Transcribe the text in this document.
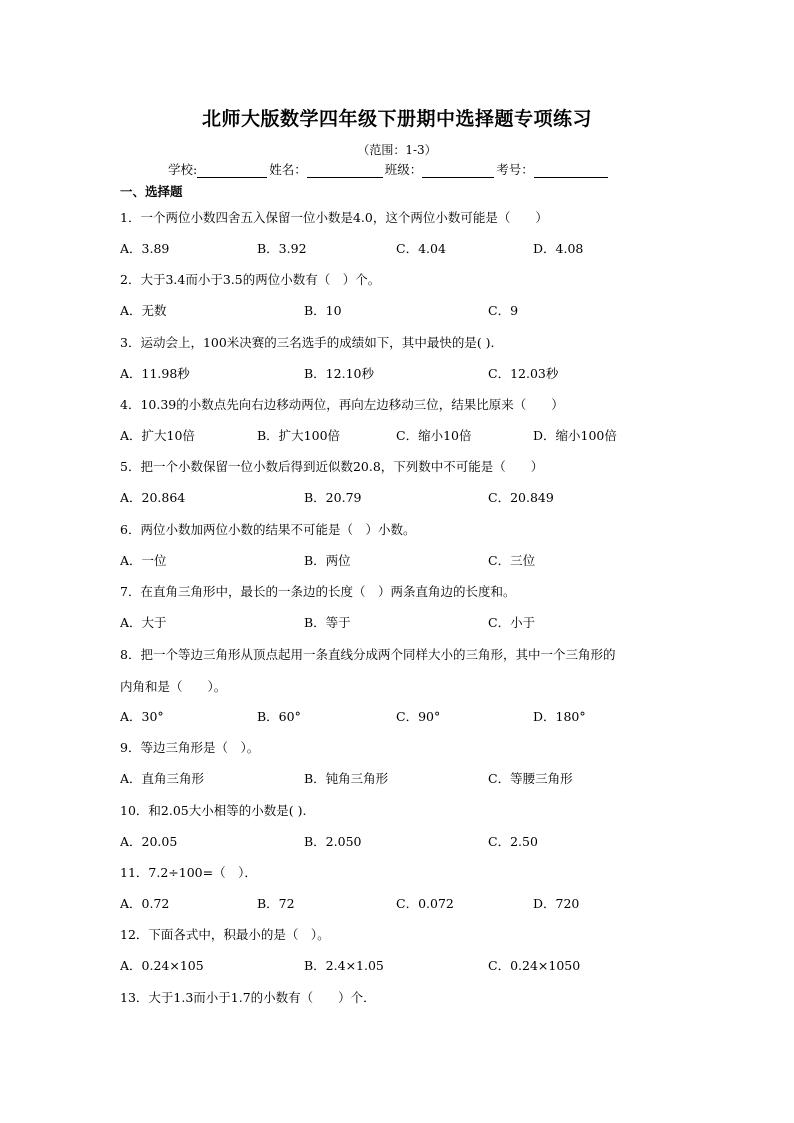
北师大版数学四年级下册期中选择题专项练习
（范围：1-3）
学校:	姓名：	班级：	考号：
一、选择题
1．一个两位小数四舍五入保留一位小数是4.0，这个两位小数可能是（　　）
A．3.89	B．3.92	C．4.04	D．4.08
2．大于3.4而小于3.5的两位小数有（　）个。
A．无数	B．10	C．9
3．运动会上，100米决赛的三名选手的成绩如下，其中最快的是( ).
A．11.98秒	B．12.10秒	C．12.03秒
4．10.39的小数点先向右边移动两位，再向左边移动三位，结果比原来（　　）
A．扩大10倍	B．扩大100倍	C．缩小10倍	D．缩小100倍
5．把一个小数保留一位小数后得到近似数20.8，下列数中不可能是（　　）
A．20.864	B．20.79	C．20.849
6．两位小数加两位小数的结果不可能是（　）小数。
A．一位	B．两位	C．三位
7．在直角三角形中，最长的一条边的长度（　）两条直角边的长度和。
A．大于	B．等于	C．小于
8．把一个等边三角形从顶点起用一条直线分成两个同样大小的三角形，其中一个三角形的
内角和是（　　）。
A．30°	B．60°	C．90°	D．180°
9．等边三角形是（　）。
A．直角三角形	B．钝角三角形	C．等腰三角形
10．和2.05大小相等的小数是( ).
A．20.05	B．2.050	C．2.50
11．7.2÷100=（　）．
A．0.72	B．72	C．0.072	D．720
12．下面各式中，积最小的是（　）。
A．0.24×105	B．2.4×1.05	C．0.24×1050
13．大于1.3而小于1.7的小数有（　　）个．
